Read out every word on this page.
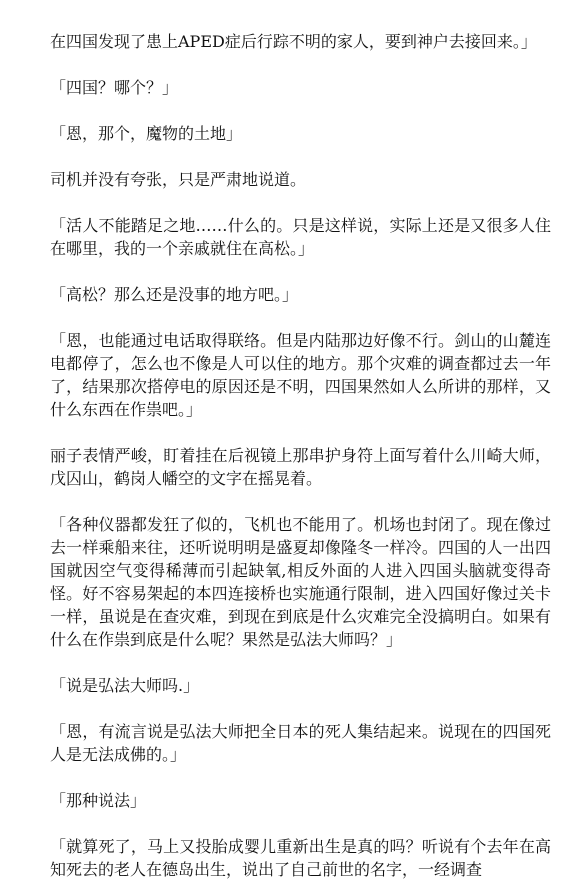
在四国发现了患上APED症后行踪不明的家人，要到神户去接回来。」

「四国？哪个？」

「恩，那个，魔物的土地」

司机并没有夸张，只是严肃地说道。

「活人不能踏足之地……什么的。只是这样说，实际上还是又很多人住在哪里，我的一个亲戚就住在高松。」

「高松？那么还是没事的地方吧。」

「恩，也能通过电话取得联络。但是内陆那边好像不行。剑山的山麓连电都停了，怎么也不像是人可以住的地方。那个灾难的调查都过去一年了，结果那次搭停电的原因还是不明，四国果然如人么所讲的那样，又什么东西在作祟吧。」

丽子表情严峻，盯着挂在后视镜上那串护身符上面写着什么川崎大师，戊囚山，鹤岗人幡空的文字在摇晃着。

「各种仪器都发狂了似的，飞机也不能用了。机场也封闭了。现在像过去一样乘船来往，还听说明明是盛夏却像隆冬一样冷。四国的人一出四国就因空气变得稀薄而引起缺氧,相反外面的人进入四国头脑就变得奇怪。好不容易架起的本四连接桥也实施通行限制，进入四国好像过关卡一样，虽说是在查灾难，到现在到底是什么灾难完全没搞明白。如果有什么在作祟到底是什么呢？果然是弘法大师吗？」

「说是弘法大师吗.」

「恩，有流言说是弘法大师把全日本的死人集结起来。说现在的四国死人是无法成佛的。」

「那种说法」

「就算死了，马上又投胎成婴儿重新出生是真的吗？听说有个去年在高知死去的老人在德岛出生，说出了自己前世的名字，一经调查
